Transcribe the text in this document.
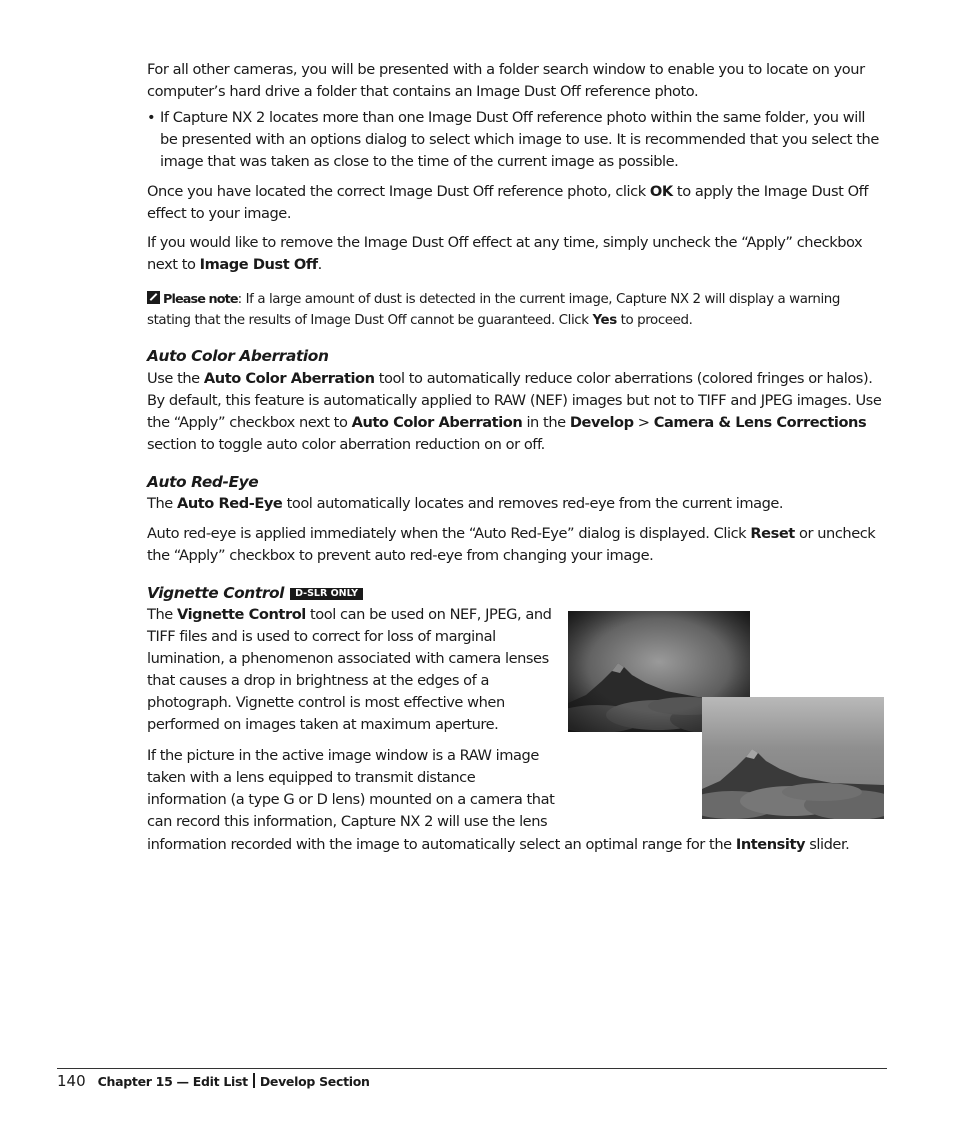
For all other cameras, you will be presented with a folder search window to enable you to locate on your computer’s hard drive a folder that contains an Image Dust Off reference photo.

• If Capture NX 2 locates more than one Image Dust Off reference photo within the same folder, you will be presented with an options dialog to select which image to use. It is recommended that you select the image that was taken as close to the time of the current image as possible.

Once you have located the correct Image Dust Off reference photo, click OK to apply the Image Dust Off effect to your image.

If you would like to remove the Image Dust Off effect at any time, simply uncheck the “Apply” checkbox next to Image Dust Off.

Please note: If a large amount of dust is detected in the current image, Capture NX 2 will display a warning stating that the results of Image Dust Off cannot be guaranteed. Click Yes to proceed.

Auto Color Aberration

Use the Auto Color Aberration tool to automatically reduce color aberrations (colored fringes or halos). By default, this feature is automatically applied to RAW (NEF) images but not to TIFF and JPEG images. Use the “Apply” checkbox next to Auto Color Aberration in the Develop > Camera & Lens Corrections section to toggle auto color aberration reduction on or off.

Auto Red-Eye

The Auto Red-Eye tool automatically locates and removes red-eye from the current image.

Auto red-eye is applied immediately when the “Auto Red-Eye” dialog is displayed. Click Reset or uncheck the “Apply” checkbox to prevent auto red-eye from changing your image.

Vignette Control D-SLR ONLY

The Vignette Control tool can be used on NEF, JPEG, and TIFF files and is used to correct for loss of marginal lumination, a phenomenon associated with camera lenses that causes a drop in brightness at the edges of a photograph. Vignette control is most effective when performed on images taken at maximum aperture.

If the picture in the active image window is a RAW image taken with a lens equipped to transmit distance information (a type G or D lens) mounted on a camera that can record this information, Capture NX 2 will use the lens

information recorded with the image to automatically select an optimal range for the Intensity slider.

140 Chapter 15 — Edit List Develop Section
